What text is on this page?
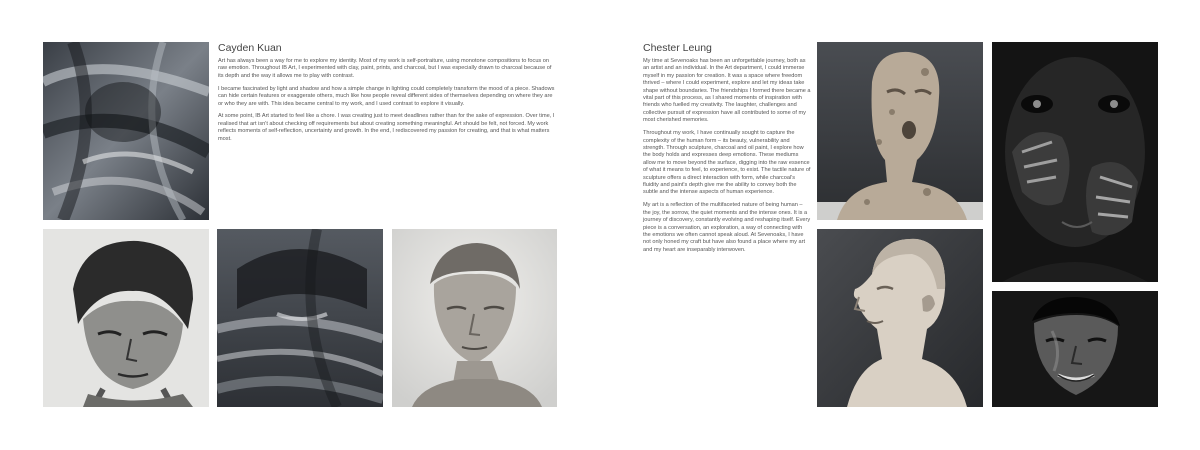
Cayden Kuan

Art has always been a way for me to explore my identity. Most of my work is self-portraiture, using monotone compositions to focus on raw emotion. Throughout IB Art, I experimented with clay, paint, prints, and charcoal, but I was especially drawn to charcoal because of its depth and the way it allows me to play with contrast.

I became fascinated by light and shadow and how a simple change in lighting could completely transform the mood of a piece. Shadows can hide certain features or exaggerate others, much like how people reveal different sides of themselves depending on where they are or who they are with. This idea became central to my work, and I used contrast to explore it visually.

At some point, IB Art started to feel like a chore. I was creating just to meet deadlines rather than for the sake of expression. Over time, I realised that art isn't about checking off requirements but about creating something meaningful. Art should be felt, not forced. My work reflects moments of self-reflection, uncertainty and growth. In the end, I rediscovered my passion for creating, and that is what matters most.

Chester Leung

My time at Sevenoaks has been an unforgettable journey, both as an artist and an individual. In the Art department, I could immerse myself in my passion for creation. It was a space where freedom thrived – where I could experiment, explore and let my ideas take shape without boundaries. The friendships I formed there became a vital part of this process, as I shared moments of inspiration with friends who fuelled my creativity. The laughter, challenges and collective pursuit of expression have all contributed to some of my most cherished memories.

Throughout my work, I have continually sought to capture the complexity of the human form – its beauty, vulnerability and strength. Through sculpture, charcoal and oil paint, I explore how the body holds and expresses deep emotions. These mediums allow me to move beyond the surface, digging into the raw essence of what it means to feel, to experience, to exist. The tactile nature of sculpture offers a direct interaction with form, while charcoal's fluidity and paint's depth give me the ability to convey both the subtle and the intense aspects of human experience.

My art is a reflection of the multifaceted nature of being human – the joy, the sorrow, the quiet moments and the intense ones. It is a journey of discovery, constantly evolving and reshaping itself. Every piece is a conversation, an exploration, a way of connecting with the emotions we often cannot speak aloud. At Sevenoaks, I have not only honed my craft but have also found a place where my art and my heart are inseparably interwoven.
